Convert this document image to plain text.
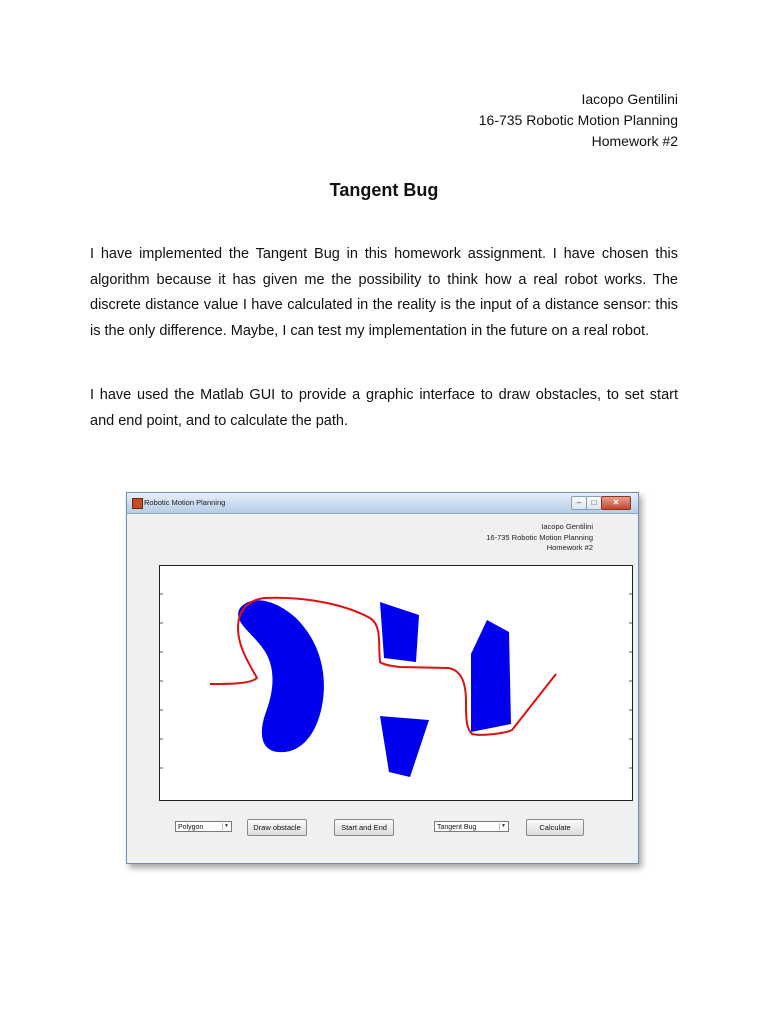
Iacopo Gentilini
16-735 Robotic Motion Planning
Homework #2
Tangent Bug

I have implemented the Tangent Bug in this homework assignment. I have chosen this algorithm because it has given me the possibility to think how a real robot works. The discrete distance value I have calculated in the reality is the input of a distance sensor: this is the only difference. Maybe, I can test my implementation in the future on a real robot.

I have used the Matlab GUI to provide a graphic interface to draw obstacles, to set start and end point, and to calculate the path.

Robotic Motion Planning	–	□	✕
Iacopo Gentilini
16-735 Robotic Motion Planning
Homework #2
Polygon	▼	Draw obstacle	Start and End	Tangent Bug	▼	Calculate
